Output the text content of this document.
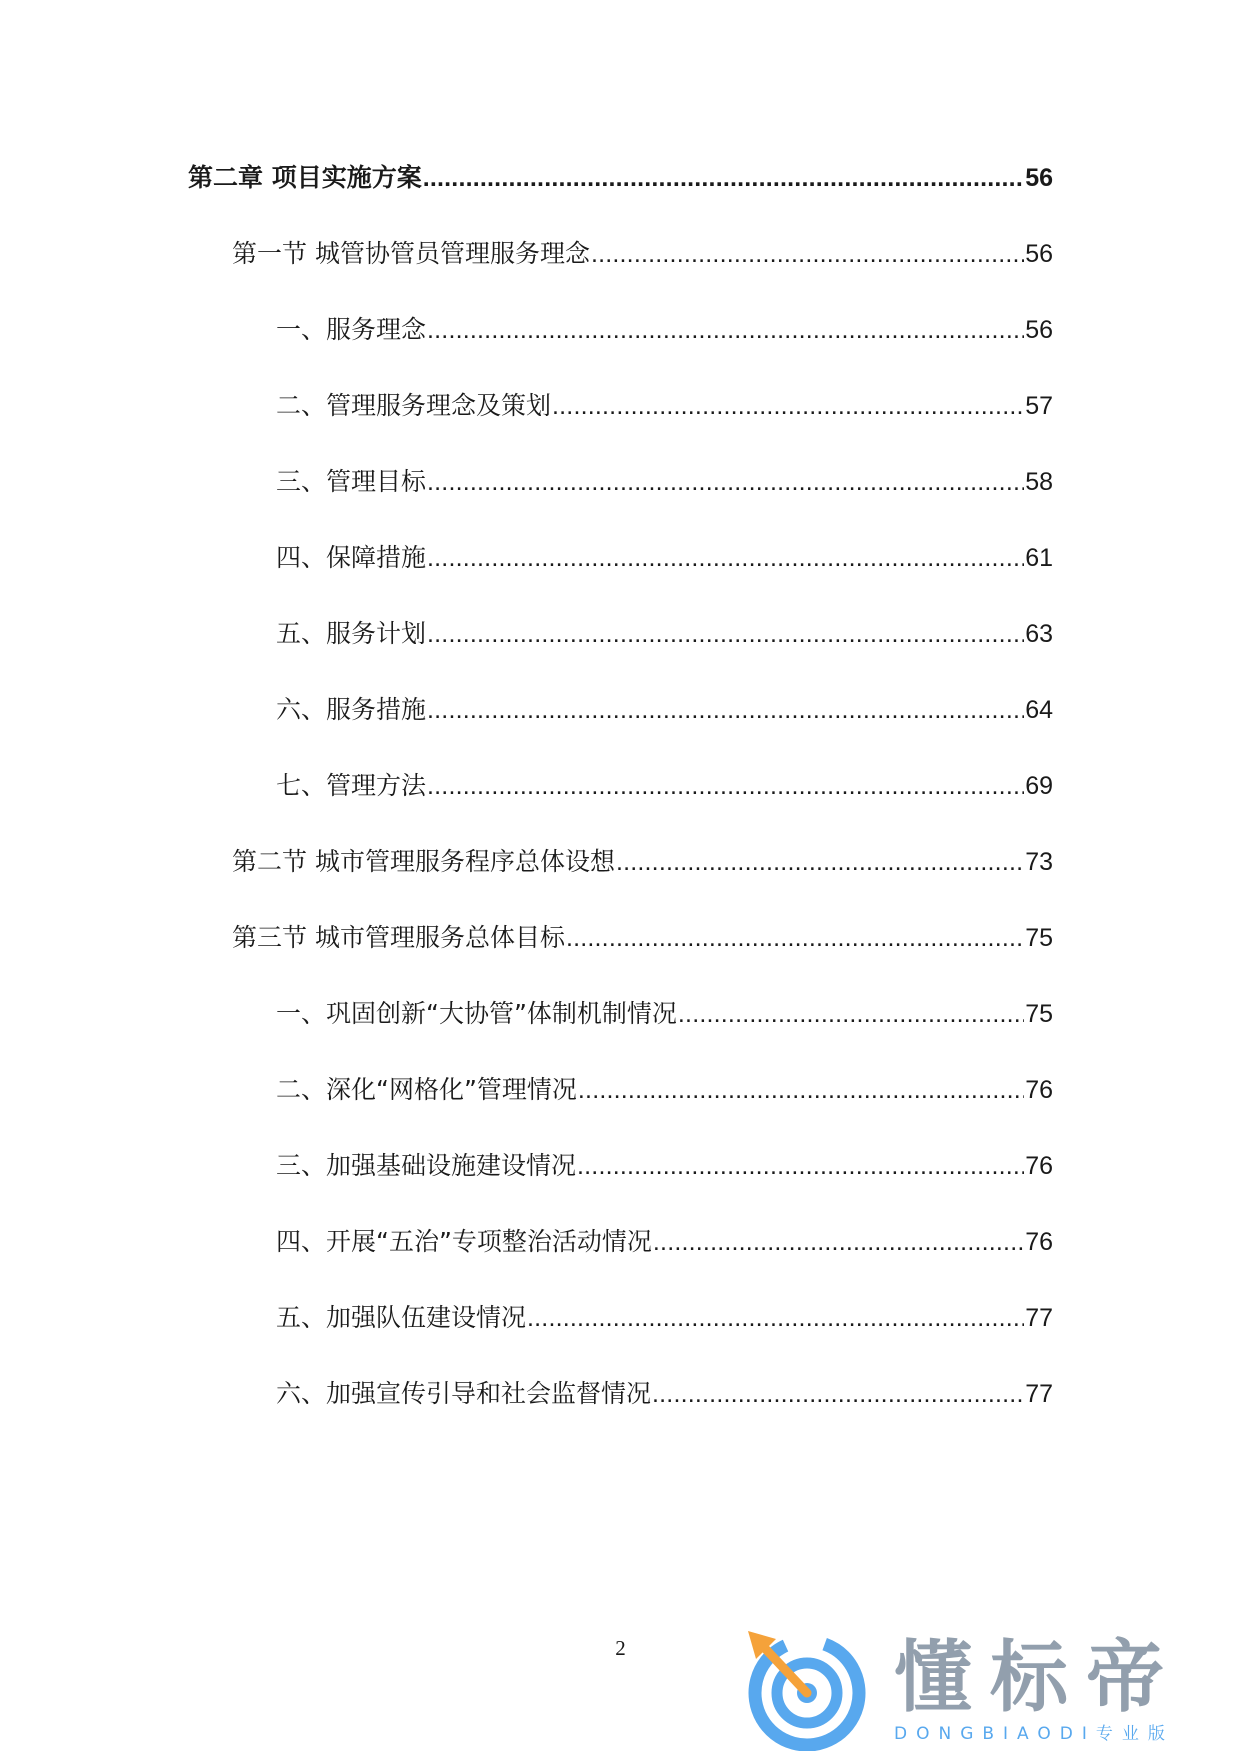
第二章 项目实施方案 .....	56
第一节 城管协管员管理服务理念 .....	56
一、服务理念 .....	56
二、管理服务理念及策划 .....	57
三、管理目标 .....	58
四、保障措施 .....	61
五、服务计划 .....	63
六、服务措施 .....	64
七、管理方法 .....	69
第二节 城市管理服务程序总体设想 .....	73
第三节 城市管理服务总体目标 .....	75
一、巩固创新“大协管”体制机制情况 .....	75
二、深化“网格化”管理情况 .....	76
三、加强基础设施建设情况 .....	76
四、开展“五治”专项整治活动情况 .....	76
五、加强队伍建设情况 .....	77
六、加强宣传引导和社会监督情况 .....	77
2	懂标帝
DONGBIAODI专业版
